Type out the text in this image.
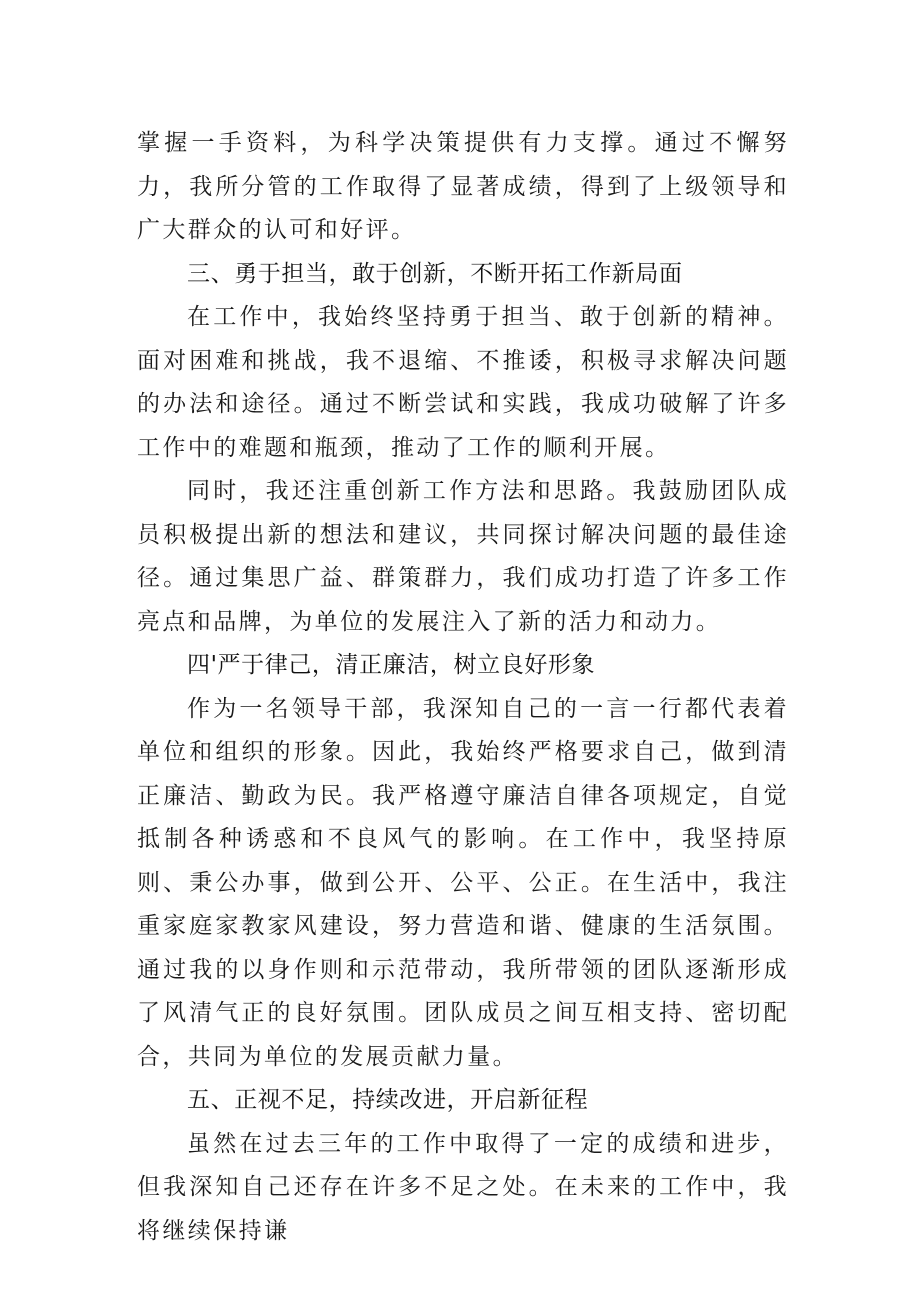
掌握一手资料，为科学决策提供有力支撑。通过不懈努力，我所分管的工作取得了显著成绩，得到了上级领导和广大群众的认可和好评。

三、勇于担当，敢于创新，不断开拓工作新局面

在工作中，我始终坚持勇于担当、敢于创新的精神。面对困难和挑战，我不退缩、不推诿，积极寻求解决问题的办法和途径。通过不断尝试和实践，我成功破解了许多工作中的难题和瓶颈，推动了工作的顺利开展。

同时，我还注重创新工作方法和思路。我鼓励团队成员积极提出新的想法和建议，共同探讨解决问题的最佳途径。通过集思广益、群策群力，我们成功打造了许多工作亮点和品牌，为单位的发展注入了新的活力和动力。

四'严于律己，清正廉洁，树立良好形象

作为一名领导干部，我深知自己的一言一行都代表着单位和组织的形象。因此，我始终严格要求自己，做到清正廉洁、勤政为民。我严格遵守廉洁自律各项规定，自觉抵制各种诱惑和不良风气的影响。在工作中，我坚持原则、秉公办事，做到公开、公平、公正。在生活中，我注重家庭家教家风建设，努力营造和谐、健康的生活氛围。通过我的以身作则和示范带动，我所带领的团队逐渐形成了风清气正的良好氛围。团队成员之间互相支持、密切配合，共同为单位的发展贡献力量。

五、正视不足，持续改进，开启新征程

虽然在过去三年的工作中取得了一定的成绩和进步，但我深知自己还存在许多不足之处。在未来的工作中，我将继续保持谦
